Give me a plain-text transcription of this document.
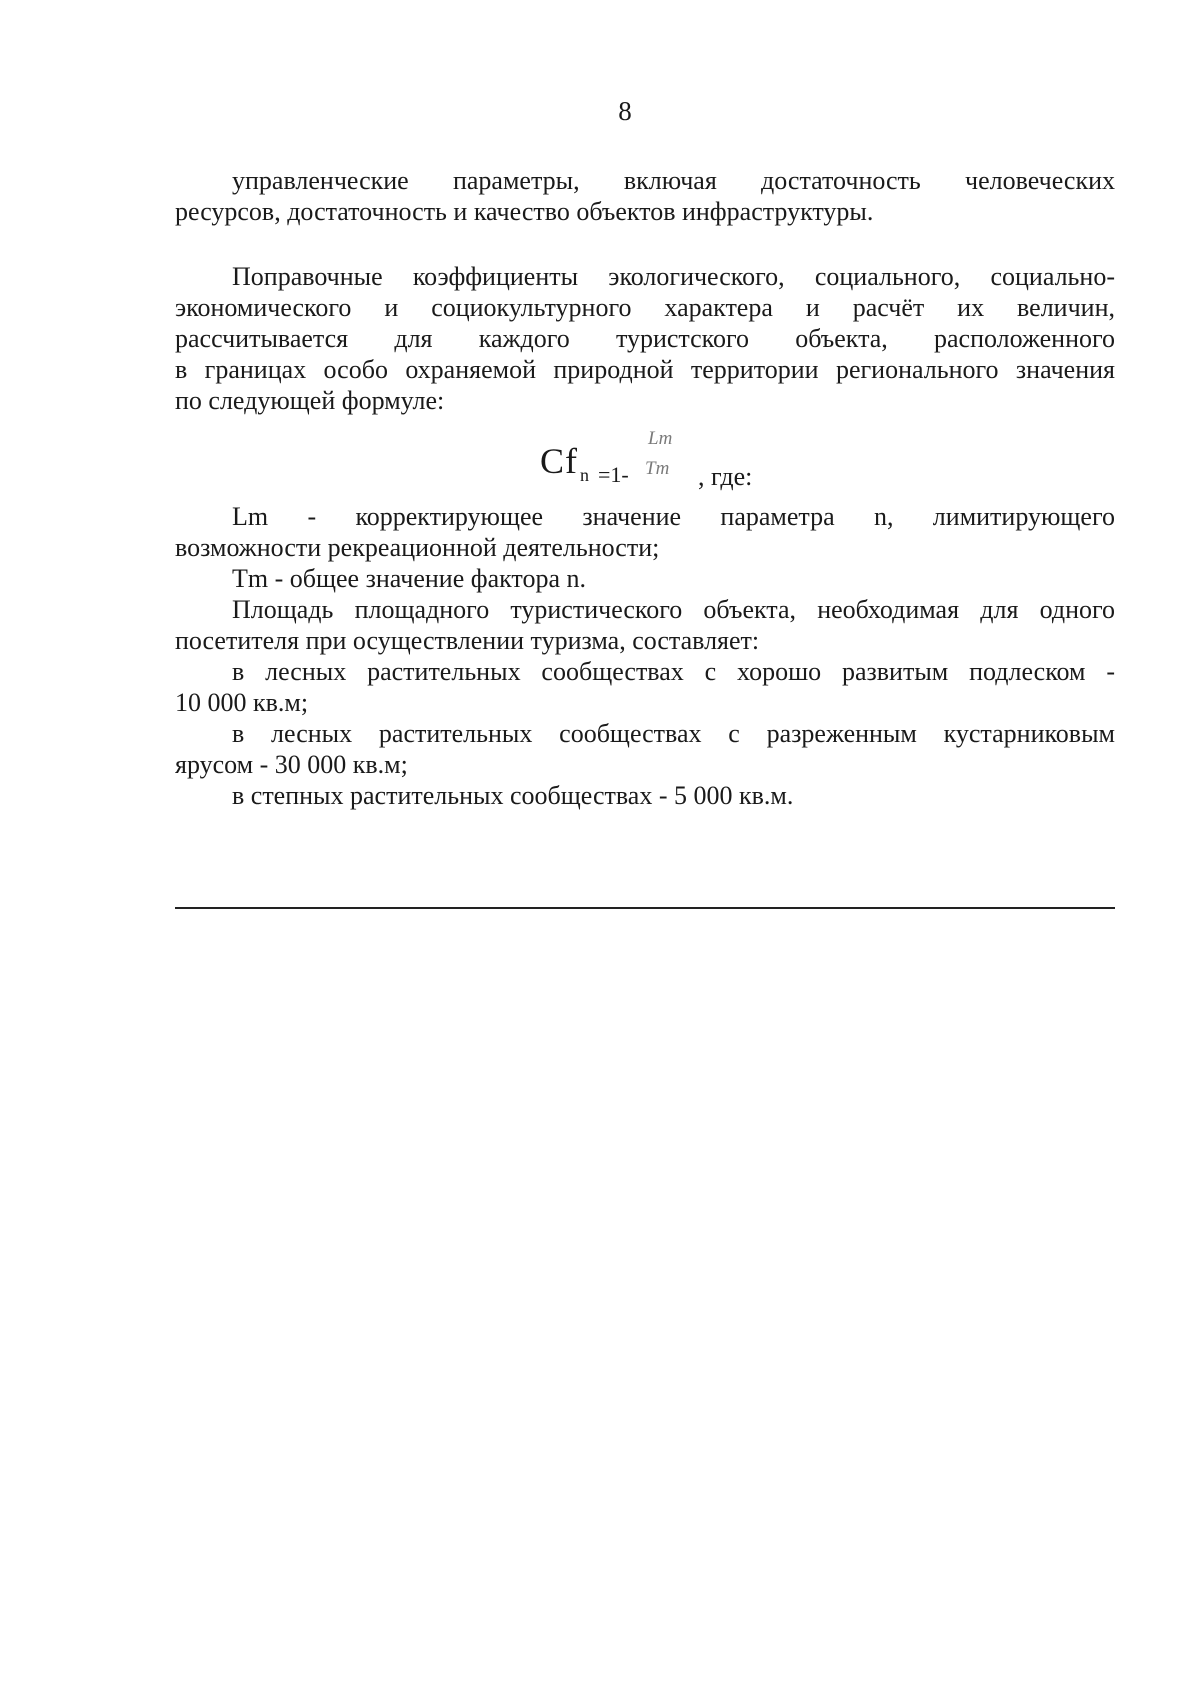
8
управленческие параметры, включая достаточность человеческих
ресурсов, достаточность и качество объектов инфраструктуры.
Поправочные коэффициенты экологического, социального, социально-
экономического и социокультурного характера и расчёт их величин,
рассчитывается для каждого туристского объекта, расположенного
в границах особо охраняемой природной территории регионального значения
по следующей формуле:
Cf n =1-
Lm
Tm , где:
Lm - корректирующее значение параметра n, лимитирующего
возможности рекреационной деятельности;
Tm - общее значение фактора n.
Площадь площадного туристического объекта, необходимая для одного
посетителя при осуществлении туризма, составляет:
в лесных растительных сообществах с хорошо развитым подлеском -
10 000 кв.м;
в лесных растительных сообществах с разреженным кустарниковым
ярусом - 30 000 кв.м;
в степных растительных сообществах - 5 000 кв.м.
